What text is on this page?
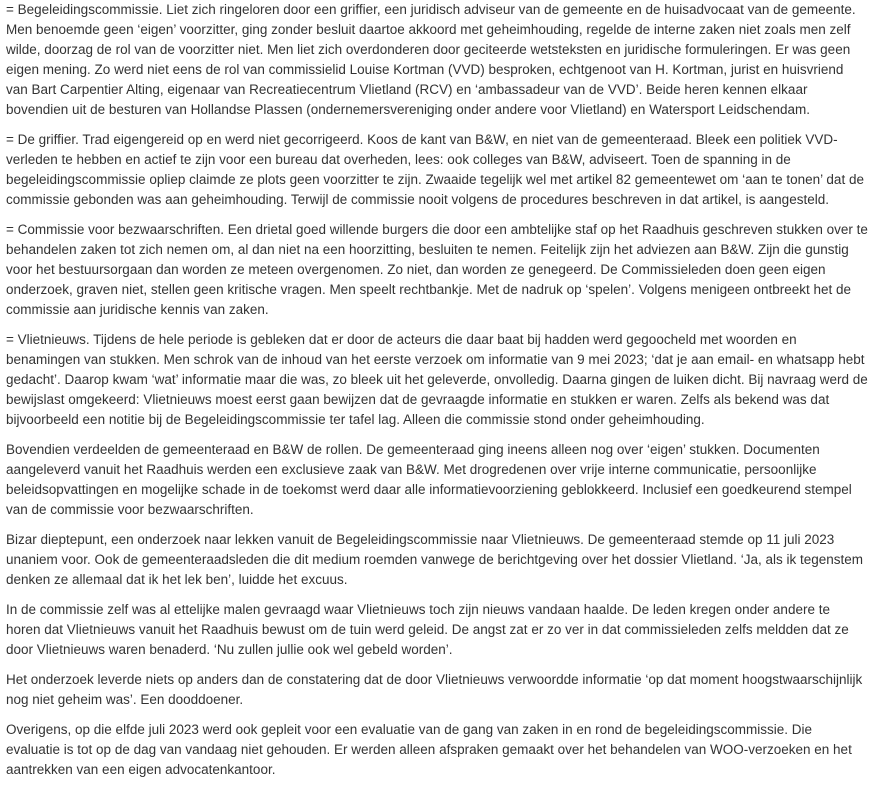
= Begeleidingscommissie. Liet zich ringeloren door een griffier, een juridisch adviseur van de gemeente en de huisadvocaat van de gemeente. Men benoemde geen ‘eigen’ voorzitter, ging zonder besluit daartoe akkoord met geheimhouding, regelde de interne zaken niet zoals men zelf wilde, doorzag de rol van de voorzitter niet. Men liet zich overdonderen door geciteerde wetsteksten en juridische formuleringen. Er was geen eigen mening. Zo werd niet eens de rol van commissielid Louise Kortman (VVD) besproken, echtgenoot van H. Kortman, jurist en huisvriend van Bart Carpentier Alting, eigenaar van Recreatiecentrum Vlietland (RCV) en ‘ambassadeur van de VVD’. Beide heren kennen elkaar bovendien uit de besturen van Hollandse Plassen (ondernemersvereniging onder andere voor Vlietland) en Watersport Leidschendam.

= De griffier. Trad eigengereid op en werd niet gecorrigeerd. Koos de kant van B&W, en niet van de gemeenteraad. Bleek een politiek VVD-verleden te hebben en actief te zijn voor een bureau dat overheden, lees: ook colleges van B&W, adviseert. Toen de spanning in de begeleidingscommissie opliep claimde ze plots geen voorzitter te zijn. Zwaaide tegelijk wel met artikel 82 gemeentewet om ‘aan te tonen’ dat de commissie gebonden was aan geheimhouding. Terwijl de commissie nooit volgens de procedures beschreven in dat artikel, is aangesteld.

= Commissie voor bezwaarschriften. Een drietal goed willende burgers die door een ambtelijke staf op het Raadhuis geschreven stukken over te behandelen zaken tot zich nemen om, al dan niet na een hoorzitting, besluiten te nemen. Feitelijk zijn het adviezen aan B&W. Zijn die gunstig voor het bestuursorgaan dan worden ze meteen overgenomen. Zo niet, dan worden ze genegeerd. De Commissieleden doen geen eigen onderzoek, graven niet, stellen geen kritische vragen. Men speelt rechtbankje. Met de nadruk op ‘spelen’. Volgens menigeen ontbreekt het de commissie aan juridische kennis van zaken.

= Vlietnieuws. Tijdens de hele periode is gebleken dat er door de acteurs die daar baat bij hadden werd gegoocheld met woorden en benamingen van stukken. Men schrok van de inhoud van het eerste verzoek om informatie van 9 mei 2023; ‘dat je aan email- en whatsapp hebt gedacht’. Daarop kwam ‘wat’ informatie maar die was, zo bleek uit het geleverde, onvolledig. Daarna gingen de luiken dicht. Bij navraag werd de bewijslast omgekeerd: Vlietnieuws moest eerst gaan bewijzen dat de gevraagde informatie en stukken er waren. Zelfs als bekend was dat bijvoorbeeld een notitie bij de Begeleidingscommissie ter tafel lag. Alleen die commissie stond onder geheimhouding.

Bovendien verdeelden de gemeenteraad en B&W de rollen. De gemeenteraad ging ineens alleen nog over ‘eigen’ stukken. Documenten aangeleverd vanuit het Raadhuis werden een exclusieve zaak van B&W. Met drogredenen over vrije interne communicatie, persoonlijke beleidsopvattingen en mogelijke schade in de toekomst werd daar alle informatievoorziening geblokkeerd. Inclusief een goedkeurend stempel van de commissie voor bezwaarschriften.

Bizar dieptepunt, een onderzoek naar lekken vanuit de Begeleidingscommissie naar Vlietnieuws. De gemeenteraad stemde op 11 juli 2023 unaniem voor. Ook de gemeenteraadsleden die dit medium roemden vanwege de berichtgeving over het dossier Vlietland. ‘Ja, als ik tegenstem denken ze allemaal dat ik het lek ben’, luidde het excuus.

In de commissie zelf was al ettelijke malen gevraagd waar Vlietnieuws toch zijn nieuws vandaan haalde. De leden kregen onder andere te horen dat Vlietnieuws vanuit het Raadhuis bewust om de tuin werd geleid. De angst zat er zo ver in dat commissieleden zelfs meldden dat ze door Vlietnieuws waren benaderd. ‘Nu zullen jullie ook wel gebeld worden’.

Het onderzoek leverde niets op anders dan de constatering dat de door Vlietnieuws verwoordde informatie ‘op dat moment hoogstwaarschijnlijk nog niet geheim was’. Een dooddoener.

Overigens, op die elfde juli 2023 werd ook gepleit voor een evaluatie van de gang van zaken in en rond de begeleidingscommissie. Die evaluatie is tot op de dag van vandaag niet gehouden. Er werden alleen afspraken gemaakt over het behandelen van WOO-verzoeken en het aantrekken van een eigen advocatenkantoor.
